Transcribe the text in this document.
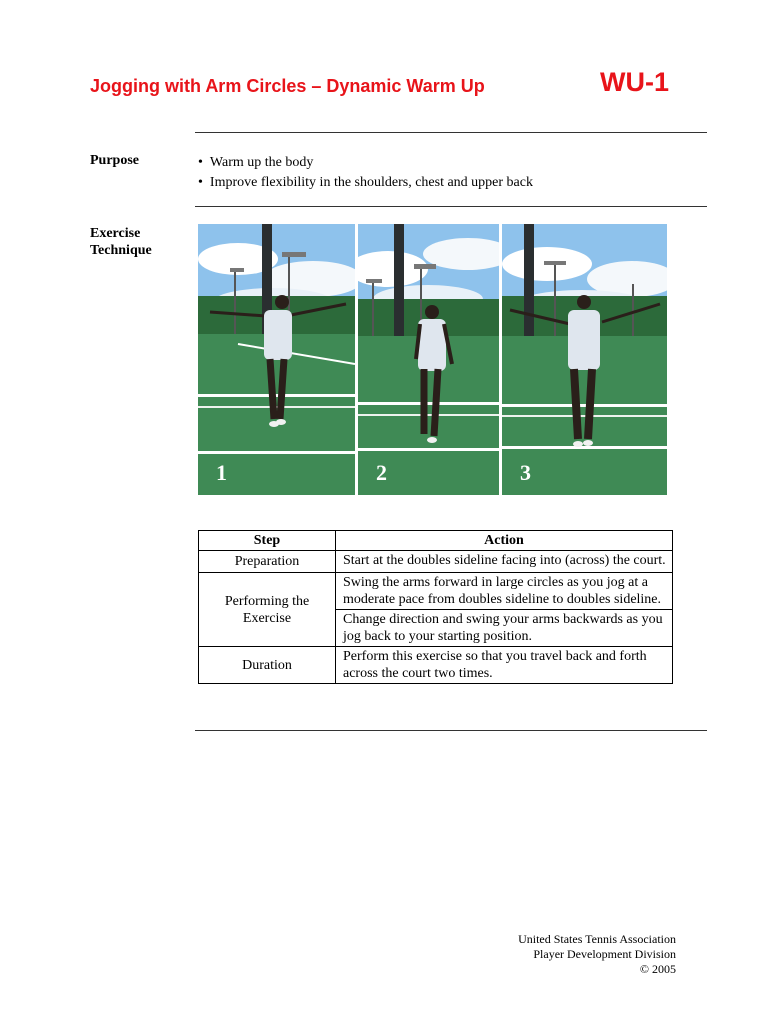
Jogging with Arm Circles – Dynamic Warm Up	WU-1
Purpose	• Warm up the body
• Improve flexibility in the shoulders, chest and upper back
Exercise
Technique
1	2	3
Step	Action
Preparation	Start at the doubles sideline facing into (across) the court.
Performing the Exercise	Swing the arms forward in large circles as you jog at a moderate pace from doubles sideline to doubles sideline.
	Change direction and swing your arms backwards as you jog back to your starting position.
Duration	Perform this exercise so that you travel back and forth across the court two times.
United States Tennis Association
Player Development Division
© 2005
